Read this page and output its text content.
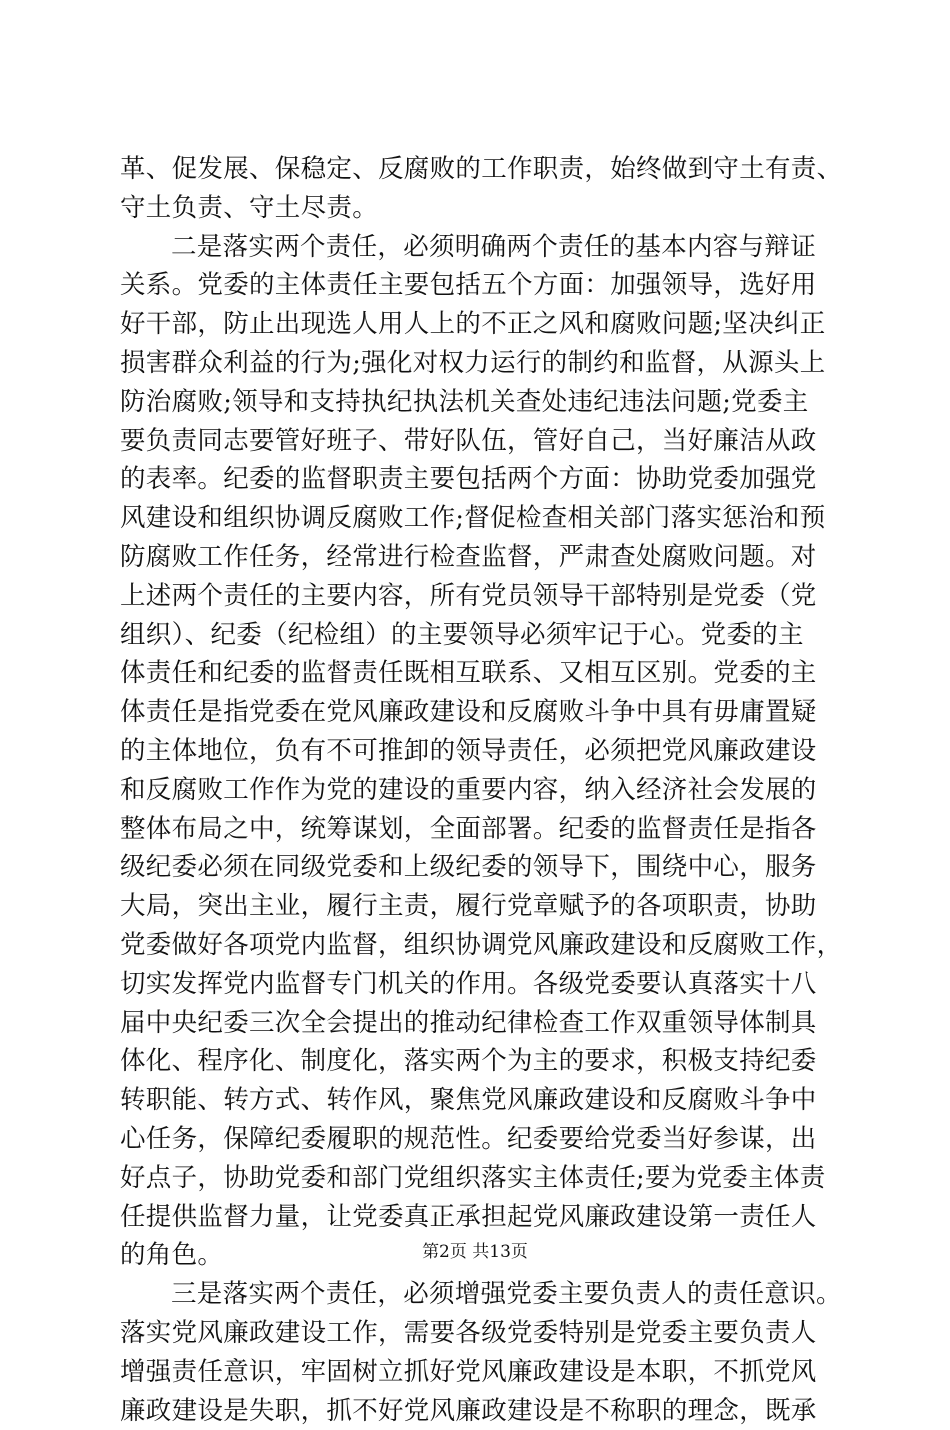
革、促发展、保稳定、反腐败的工作职责，始终做到守土有责、
守土负责、守土尽责。
二是落实两个责任，必须明确两个责任的基本内容与辩证
关系。党委的主体责任主要包括五个方面：加强领导，选好用
好干部，防止出现选人用人上的不正之风和腐败问题;坚决纠正
损害群众利益的行为;强化对权力运行的制约和监督，从源头上
防治腐败;领导和支持执纪执法机关查处违纪违法问题;党委主
要负责同志要管好班子、带好队伍，管好自己，当好廉洁从政
的表率。纪委的监督职责主要包括两个方面：协助党委加强党
风建设和组织协调反腐败工作;督促检查相关部门落实惩治和预
防腐败工作任务，经常进行检查监督，严肃查处腐败问题。对
上述两个责任的主要内容，所有党员领导干部特别是党委（党
组织）、纪委（纪检组）的主要领导必须牢记于心。党委的主
体责任和纪委的监督责任既相互联系、又相互区别。党委的主
体责任是指党委在党风廉政建设和反腐败斗争中具有毋庸置疑
的主体地位，负有不可推卸的领导责任，必须把党风廉政建设
和反腐败工作作为党的建设的重要内容，纳入经济社会发展的
整体布局之中，统筹谋划，全面部署。纪委的监督责任是指各
级纪委必须在同级党委和上级纪委的领导下，围绕中心，服务
大局，突出主业，履行主责，履行党章赋予的各项职责，协助
党委做好各项党内监督，组织协调党风廉政建设和反腐败工作，
切实发挥党内监督专门机关的作用。各级党委要认真落实十八
届中央纪委三次全会提出的推动纪律检查工作双重领导体制具
体化、程序化、制度化，落实两个为主的要求，积极支持纪委
转职能、转方式、转作风，聚焦党风廉政建设和反腐败斗争中
心任务，保障纪委履职的规范性。纪委要给党委当好参谋，出
好点子，协助党委和部门党组织落实主体责任;要为党委主体责
任提供监督力量，让党委真正承担起党风廉政建设第一责任人
的角色。
三是落实两个责任，必须增强党委主要负责人的责任意识。
落实党风廉政建设工作，需要各级党委特别是党委主要负责人
增强责任意识，牢固树立抓好党风廉政建设是本职，不抓党风
廉政建设是失职，抓不好党风廉政建设是不称职的理念，既承
第2页 共13页
